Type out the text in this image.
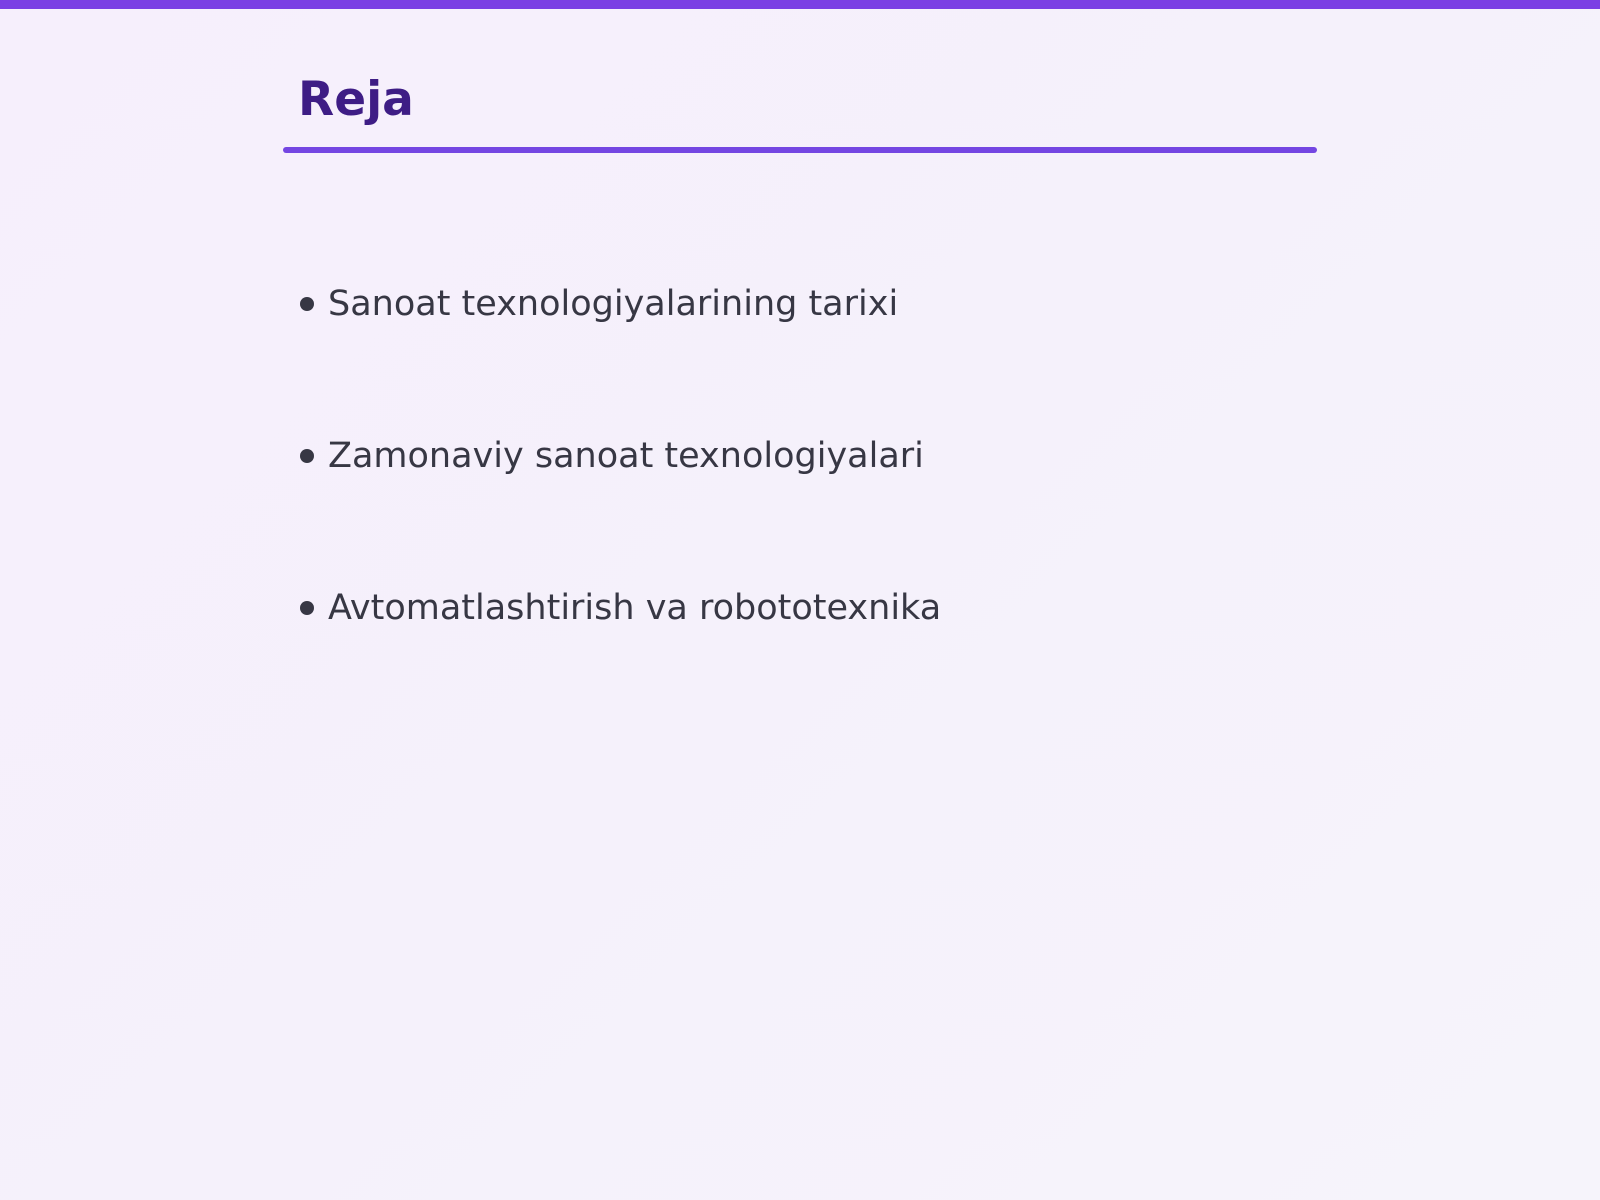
Reja
Sanoat texnologiyalarining tarixi
Zamonaviy sanoat texnologiyalari
Avtomatlashtirish va robototexnika
